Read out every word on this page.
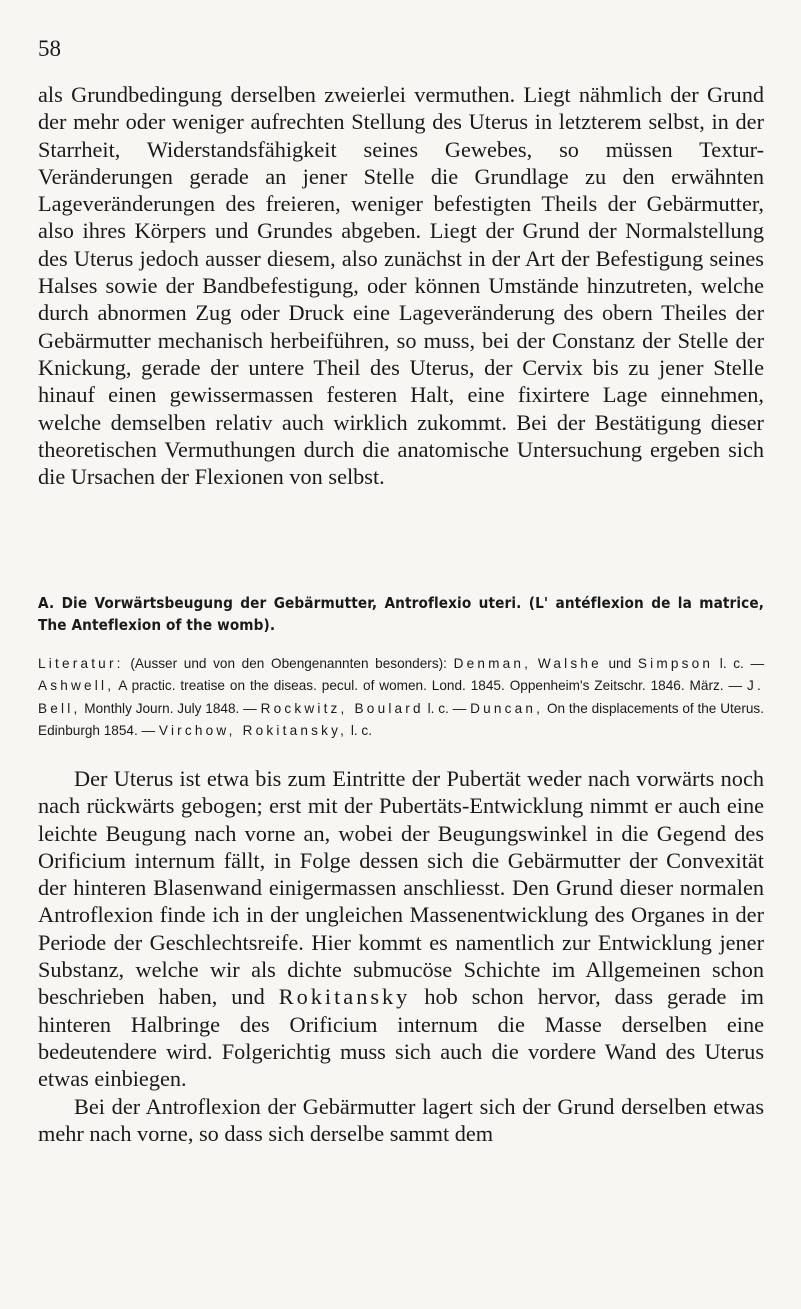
58

als Grundbedingung derselben zweierlei vermuthen. Liegt nähmlich der Grund der mehr oder weniger aufrechten Stellung des Uterus in letzterem selbst, in der Starrheit, Widerstandsfähigkeit seines Gewebes, so müssen Textur-Veränderungen gerade an jener Stelle die Grundlage zu den erwähnten Lageveränderungen des freieren, weniger befestigten Theils der Gebärmutter, also ihres Körpers und Grundes abgeben. Liegt der Grund der Normalstellung des Uterus jedoch ausser diesem, also zunächst in der Art der Befestigung seines Halses sowie der Bandbefestigung, oder können Umstände hinzutreten, welche durch abnormen Zug oder Druck eine Lageveränderung des obern Theiles der Gebärmutter mechanisch herbeiführen, so muss, bei der Constanz der Stelle der Knickung, gerade der untere Theil des Uterus, der Cervix bis zu jener Stelle hinauf einen gewissermassen festeren Halt, eine fixirtere Lage einnehmen, welche demselben relativ auch wirklich zukommt. Bei der Bestätigung dieser theoretischen Vermuthungen durch die anatomische Untersuchung ergeben sich die Ursachen der Flexionen von selbst.

A. Die Vorwärtsbeugung der Gebärmutter, Antroflexio uteri. (L' antéflexion de la matrice, The Anteflexion of the womb).
Literatur: (Ausser und von den Obengenannten besonders): Denman, Walshe und Simpson l. c. — Ashwell, A practic. treatise on the diseas. pecul. of women. Lond. 1845. Oppenheim's Zeitschr. 1846. März. — J. Bell, Monthly Journ. July 1848. — Rockwitz, Boulard l. c. — Duncan, On the displacements of the Uterus. Edinburgh 1854. — Virchow, Rokitansky, l. c.

Der Uterus ist etwa bis zum Eintritte der Pubertät weder nach vorwärts noch nach rückwärts gebogen; erst mit der Pubertäts-Entwicklung nimmt er auch eine leichte Beugung nach vorne an, wobei der Beugungswinkel in die Gegend des Orificium internum fällt, in Folge dessen sich die Gebärmutter der Convexität der hinteren Blasenwand einigermassen anschliesst. Den Grund dieser normalen Antroflexion finde ich in der ungleichen Massenentwicklung des Organes in der Periode der Geschlechtsreife. Hier kommt es namentlich zur Entwicklung jener Substanz, welche wir als dichte submucöse Schichte im Allgemeinen schon beschrieben haben, und Rokitansky hob schon hervor, dass gerade im hinteren Halbringe des Orificium internum die Masse derselben eine bedeutendere wird. Folgerichtig muss sich auch die vordere Wand des Uterus etwas einbiegen.

Bei der Antroflexion der Gebärmutter lagert sich der Grund derselben etwas mehr nach vorne, so dass sich derselbe sammt dem
